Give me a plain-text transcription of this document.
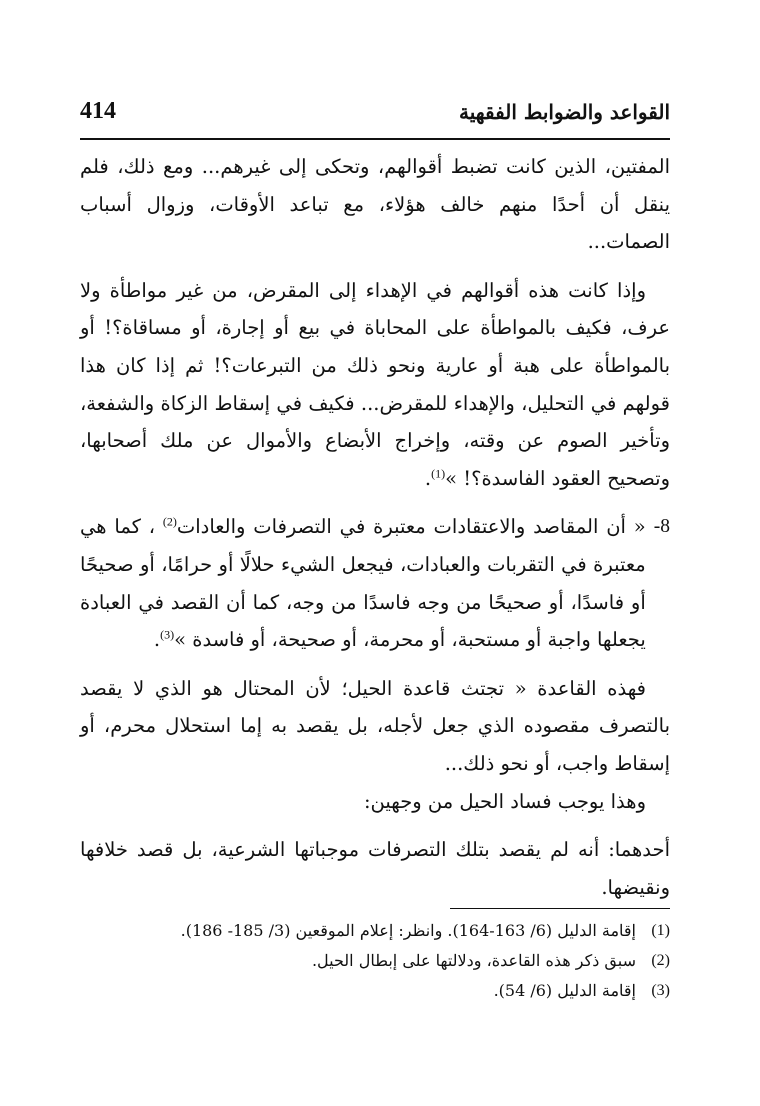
414	القواعد والضوابط الفقهية

المفتين، الذين كانت تضبط أقوالهم، وتحكى إلى غيرهم... ومع ذلك، فلم ينقل أن أحدًا منهم خالف هؤلاء، مع تباعد الأوقات، وزوال أسباب الصمات...

وإذا كانت هذه أقوالهم في الإهداء إلى المقرض، من غير مواطأة ولا عرف، فكيف بالمواطأة على المحاباة في بيع أو إجارة، أو مساقاة؟! أو بالمواطأة على هبة أو عارية ونحو ذلك من التبرعات؟! ثم إذا كان هذا قولهم في التحليل، والإهداء للمقرض... فكيف في إسقاط الزكاة والشفعة، وتأخير الصوم عن وقته، وإخراج الأبضاع والأموال عن ملك أصحابها، وتصحيح العقود الفاسدة؟! »$^{(1)}$.

8-

« أن المقاصد والاعتقادات معتبرة في التصرفات والعادات$^{(2)}$ ، كما هي معتبرة في التقربات والعبادات، فيجعل الشيء حلالًا أو حرامًا، أو صحيحًا أو فاسدًا، أو صحيحًا من وجه فاسدًا من وجه، كما أن القصد في العبادة يجعلها واجبة أو مستحبة، أو محرمة، أو صحيحة، أو فاسدة »$^{(3)}$.

فهذه القاعدة « تجتث قاعدة الحيل؛ لأن المحتال هو الذي لا يقصد بالتصرف مقصوده الذي جعل لأجله، بل يقصد به إما استحلال محرم، أو إسقاط واجب، أو نحو ذلك...

وهذا يوجب فساد الحيل من وجهين:

أحدهما: أنه لم يقصد بتلك التصرفات موجباتها الشرعية، بل قصد خلافها ونقيضها.

(1)
إقامة الدليل (6/ 163-164). وانظر: إعلام الموقعين (3/ 185- 186).
(2)
سبق ذكر هذه القاعدة، ودلالتها على إبطال الحيل.
(3)
إقامة الدليل (6/ 54).
